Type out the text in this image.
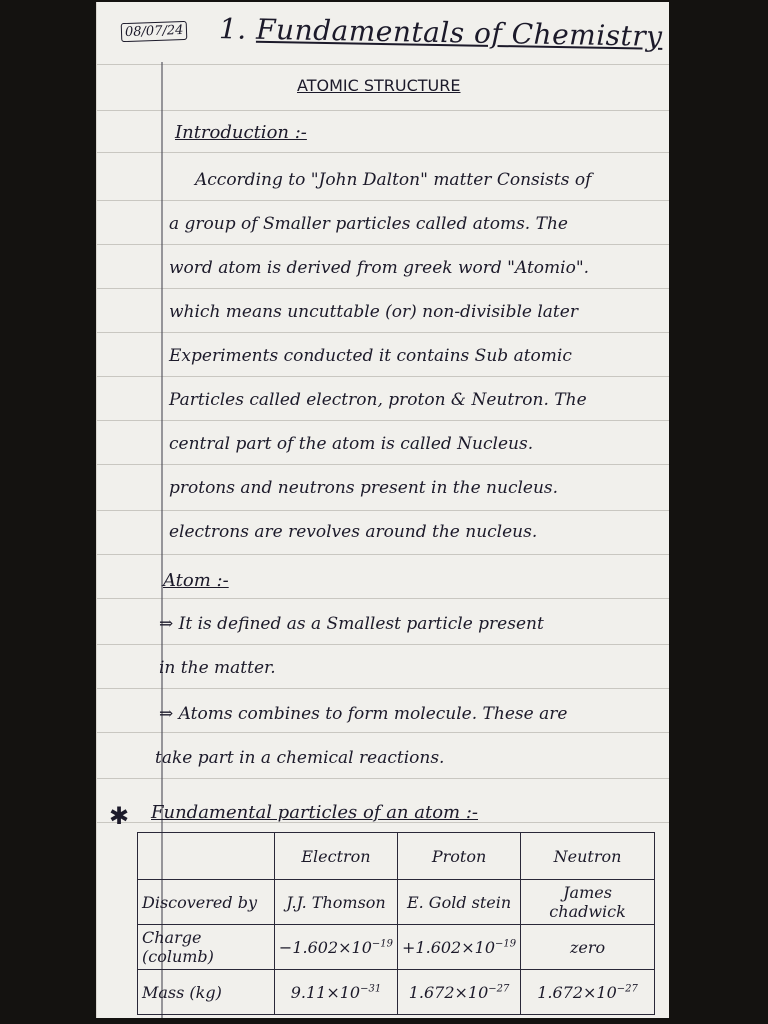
08/07/24 1. Fundamentals of Chemistry
ATOMIC STRUCTURE
Introduction :-
According to "John Dalton" matter Consists of
a group of Smaller particles called atoms. The
word atom is derived from greek word "Atomio".
which means uncuttable (or) non-divisible later
Experiments conducted it contains Sub atomic
Particles called electron, proton & Neutron. The
central part of the atom is called Nucleus.
protons and neutrons present in the nucleus.
electrons are revolves around the nucleus.
Atom :-
⇒ It is defined as a Smallest particle present
in the matter.
⇒ Atoms combines to form molecule. These are
take part in a chemical reactions.
✱ Fundamental particles of an atom :-
	Electron	Proton	Neutron
Discovered by	J.J. Thomson	E. Gold stein	James chadwick
Charge (columb)	$-1.602\times 10^{-19}$	$+1.602\times 10^{-19}$	zero
Mass (kg)	$9.11\times 10^{-31}$	$1.672\times 10^{-27}$	$1.672\times 10^{-27}$
